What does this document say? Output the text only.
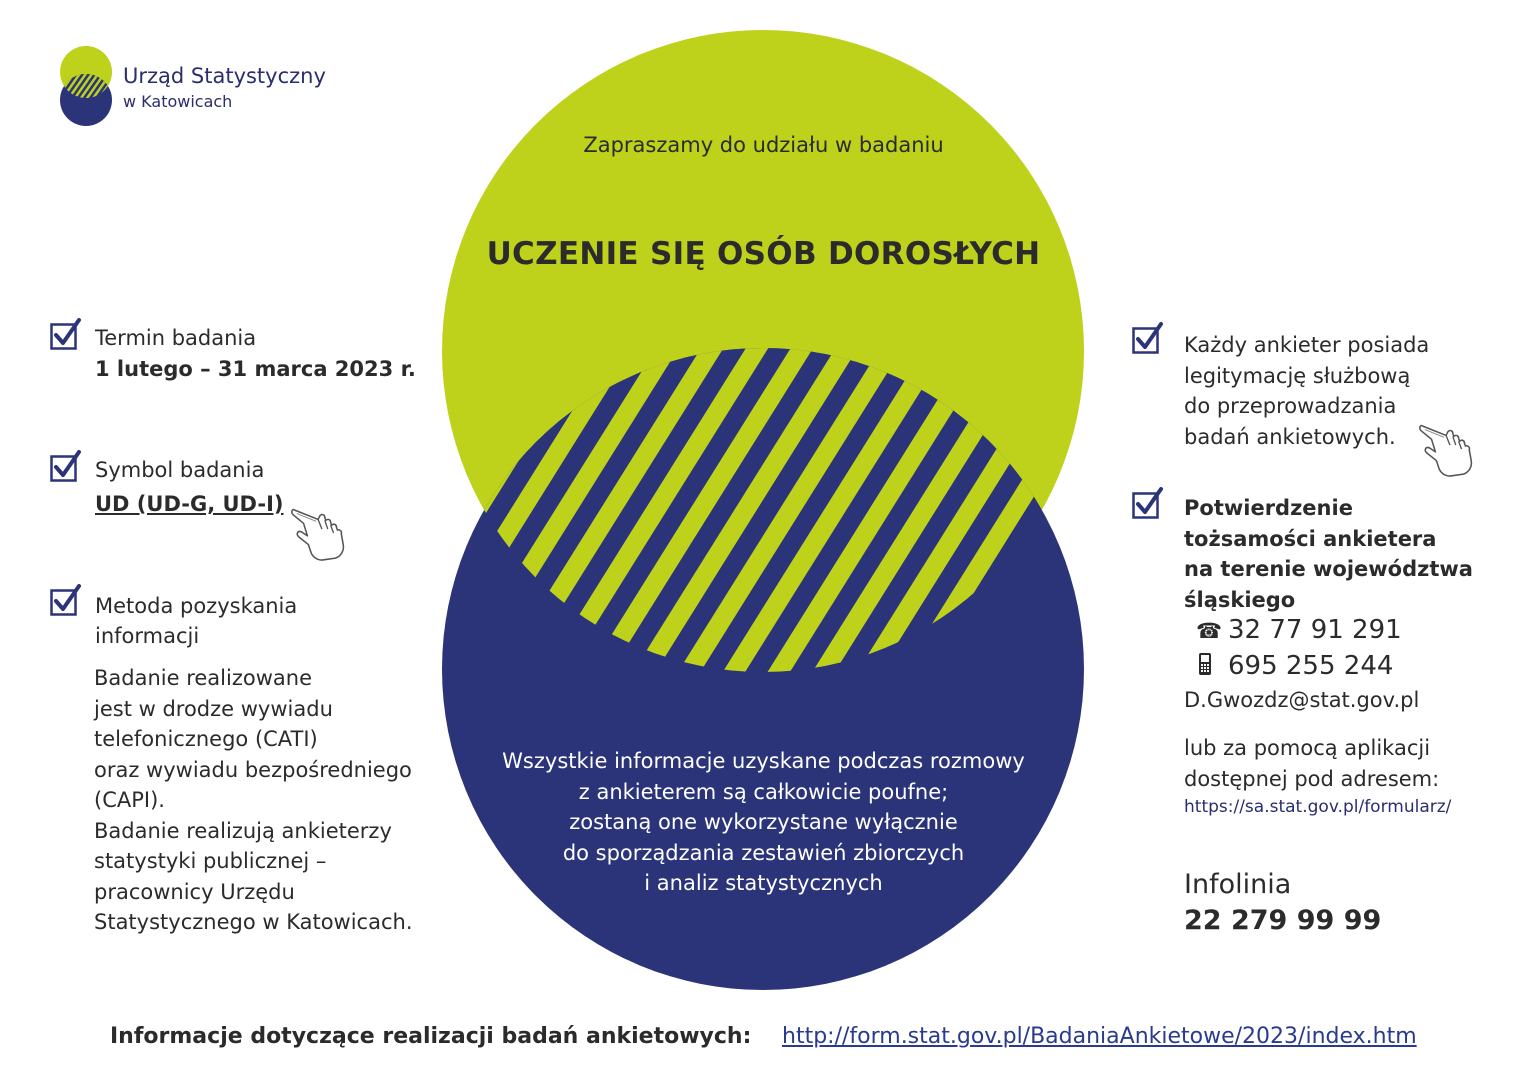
Urząd Statystyczny
w Katowicach
Zapraszamy do udziału w badaniu
UCZENIE SIĘ OSÓB DOROSŁYCH
Termin badania
1 lutego – 31 marca 2023 r.
Symbol badania
UD (UD-G, UD-I)
Metoda pozyskania
informacji
Badanie realizowane
jest w drodze wywiadu
telefonicznego (CATI)
oraz wywiadu bezpośredniego
(CAPI).
Badanie realizują ankieterzy
statystyki publicznej –
pracownicy Urzędu
Statystycznego w Katowicach.
Wszystkie informacje uzyskane podczas rozmowy
z ankieterem są całkowicie poufne;
zostaną one wykorzystane wyłącznie
do sporządzania zestawień zbiorczych
i analiz statystycznych
Każdy ankieter posiada
legitymację służbową
do przeprowadzania
badań ankietowych.
Potwierdzenie
tożsamości ankietera
na terenie województwa
śląskiego
☎ 32 77 91 291
695 255 244
D.Gwozdz@stat.gov.pl
lub za pomocą aplikacji
dostępnej pod adresem:
https://sa.stat.gov.pl/formularz/
Infolinia
22 279 99 99
Informacje dotyczące realizacji badań ankietowych: http://form.stat.gov.pl/BadaniaAnkietowe/2023/index.htm
